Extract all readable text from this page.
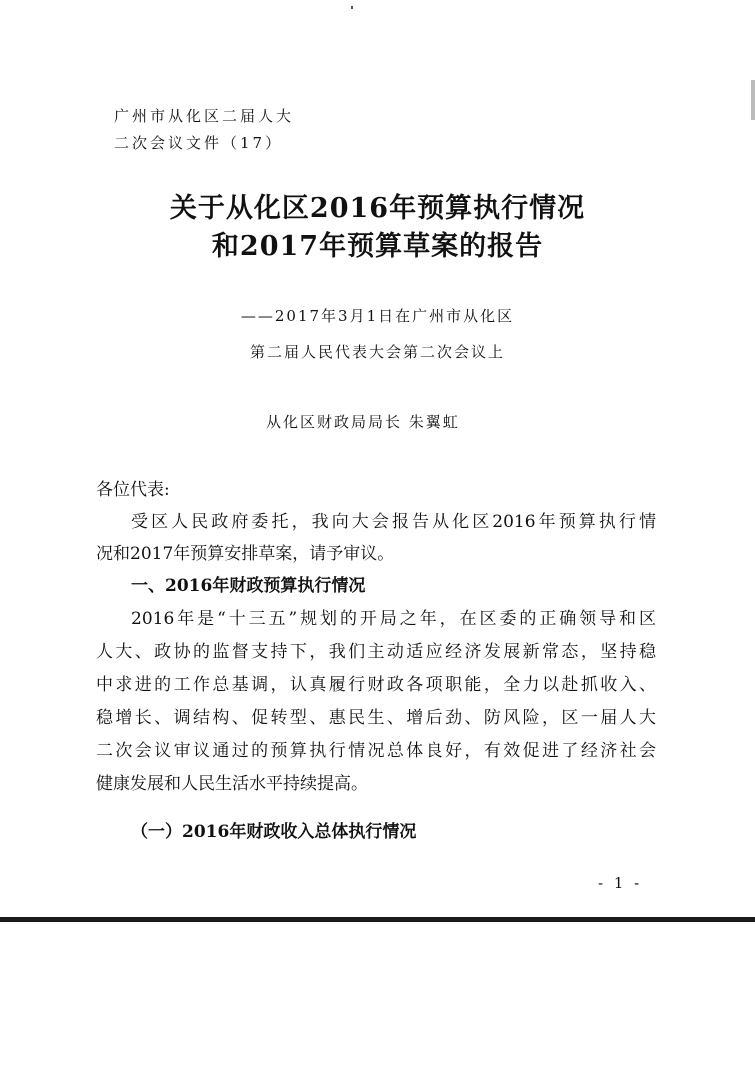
广州市从化区二届人大
二次会议文件（17）
关于从化区2016年预算执行情况
和2017年预算草案的报告
——2017年3月1日在广州市从化区
第二届人民代表大会第二次会议上
从化区财政局局长 朱翼虹
各位代表:
受区人民政府委托，我向大会报告从化区2016年预算执行情
况和2017年预算安排草案，请予审议。
一、2016年财政预算执行情况
2016年是“十三五”规划的开局之年，在区委的正确领导和区
人大、政协的监督支持下，我们主动适应经济发展新常态，坚持稳
中求进的工作总基调，认真履行财政各项职能，全力以赴抓收入、
稳增长、调结构、促转型、惠民生、增后劲、防风险，区一届人大
二次会议审议通过的预算执行情况总体良好，有效促进了经济社会
健康发展和人民生活水平持续提高。
（一）2016年财政收入总体执行情况
- 1 -
